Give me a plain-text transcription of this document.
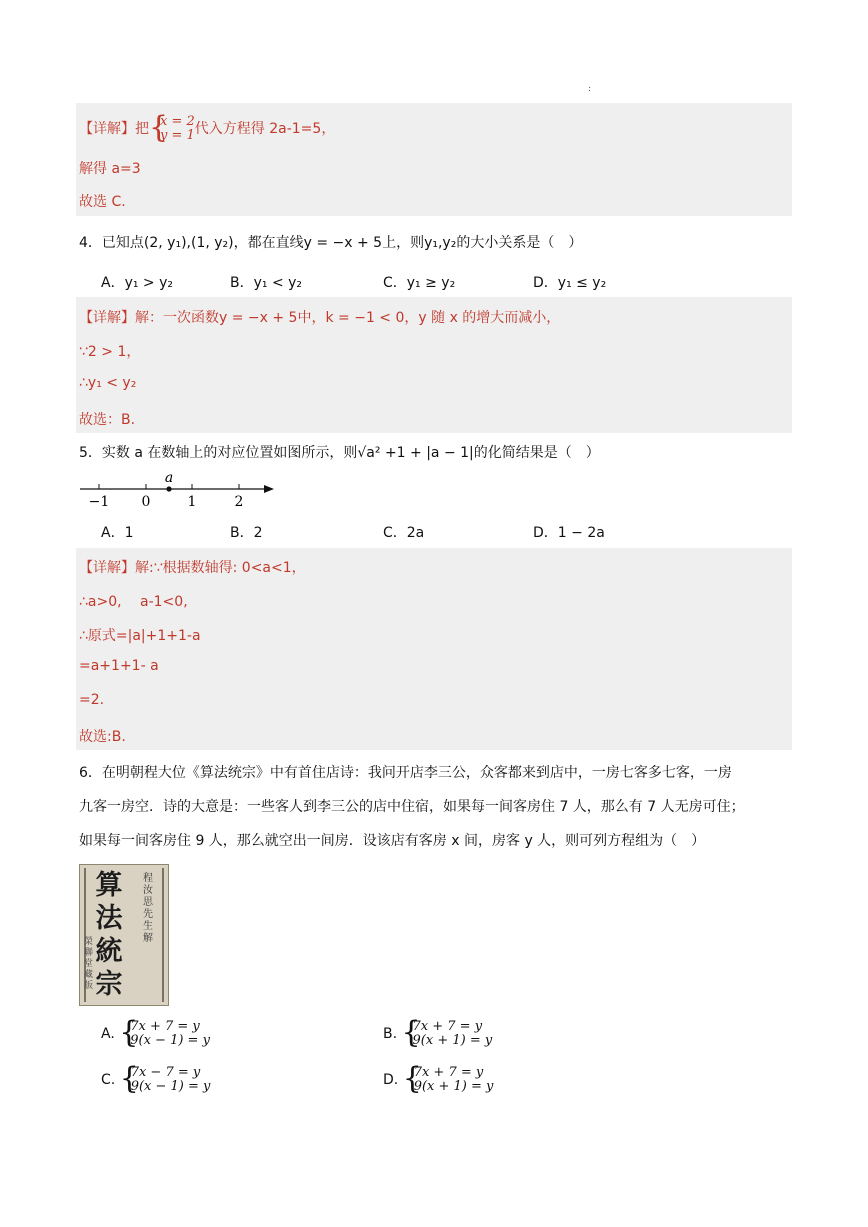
:
【详解】把 {
x = 2
y = 1代入方程得 2a-1=5，
解得 a=3
故选 C.
4．已知点(2, y₁),(1, y₂)，都在直线y = −x + 5上，则y₁,y₂的大小关系是（　）
A．y₁ > y₂	B．y₁ < y₂	C．y₁ ≥ y₂	D．y₁ ≤ y₂
【详解】解：一次函数y = −x + 5中，k = −1 < 0，y 随 x 的增大而减小，
∵2 > 1，
∴y₁ < y₂
故选：B.
5．实数 a 在数轴上的对应位置如图所示，则√a² +1 + |a − 1|的化简结果是（　）
a
−1 0	1	2
A．1	B．2	C．2a	D．1 − 2a
【详解】解:∵根据数轴得: 0<a<1，
∴a>0,　 a-1<0,
∴原式=|a|+1+1-a
=a+1+1- a
=2.
故选:B.
6．在明朝程大位《算法统宗》中有首住店诗：我问开店李三公，众客都来到店中，一房七客多七客，一房
九客一房空．诗的大意是：一些客人到李三公的店中住宿，如果每一间客房住 7 人，那么有 7 人无房可住；
如果每一间客房住 9 人，那么就空出一间房．设该店有客房 x 间，房客 y 人，则可列方程组为（　）
算
法
統
宗
程汝思先生解
榮聯堂藏版
A. {
7x + 7 = y
9(x − 1) = y	B. {
7x + 7 = y
9(x + 1) = y
C. {
7x − 7 = y
9(x − 1) = y	D. {
7x + 7 = y
9(x + 1) = y
